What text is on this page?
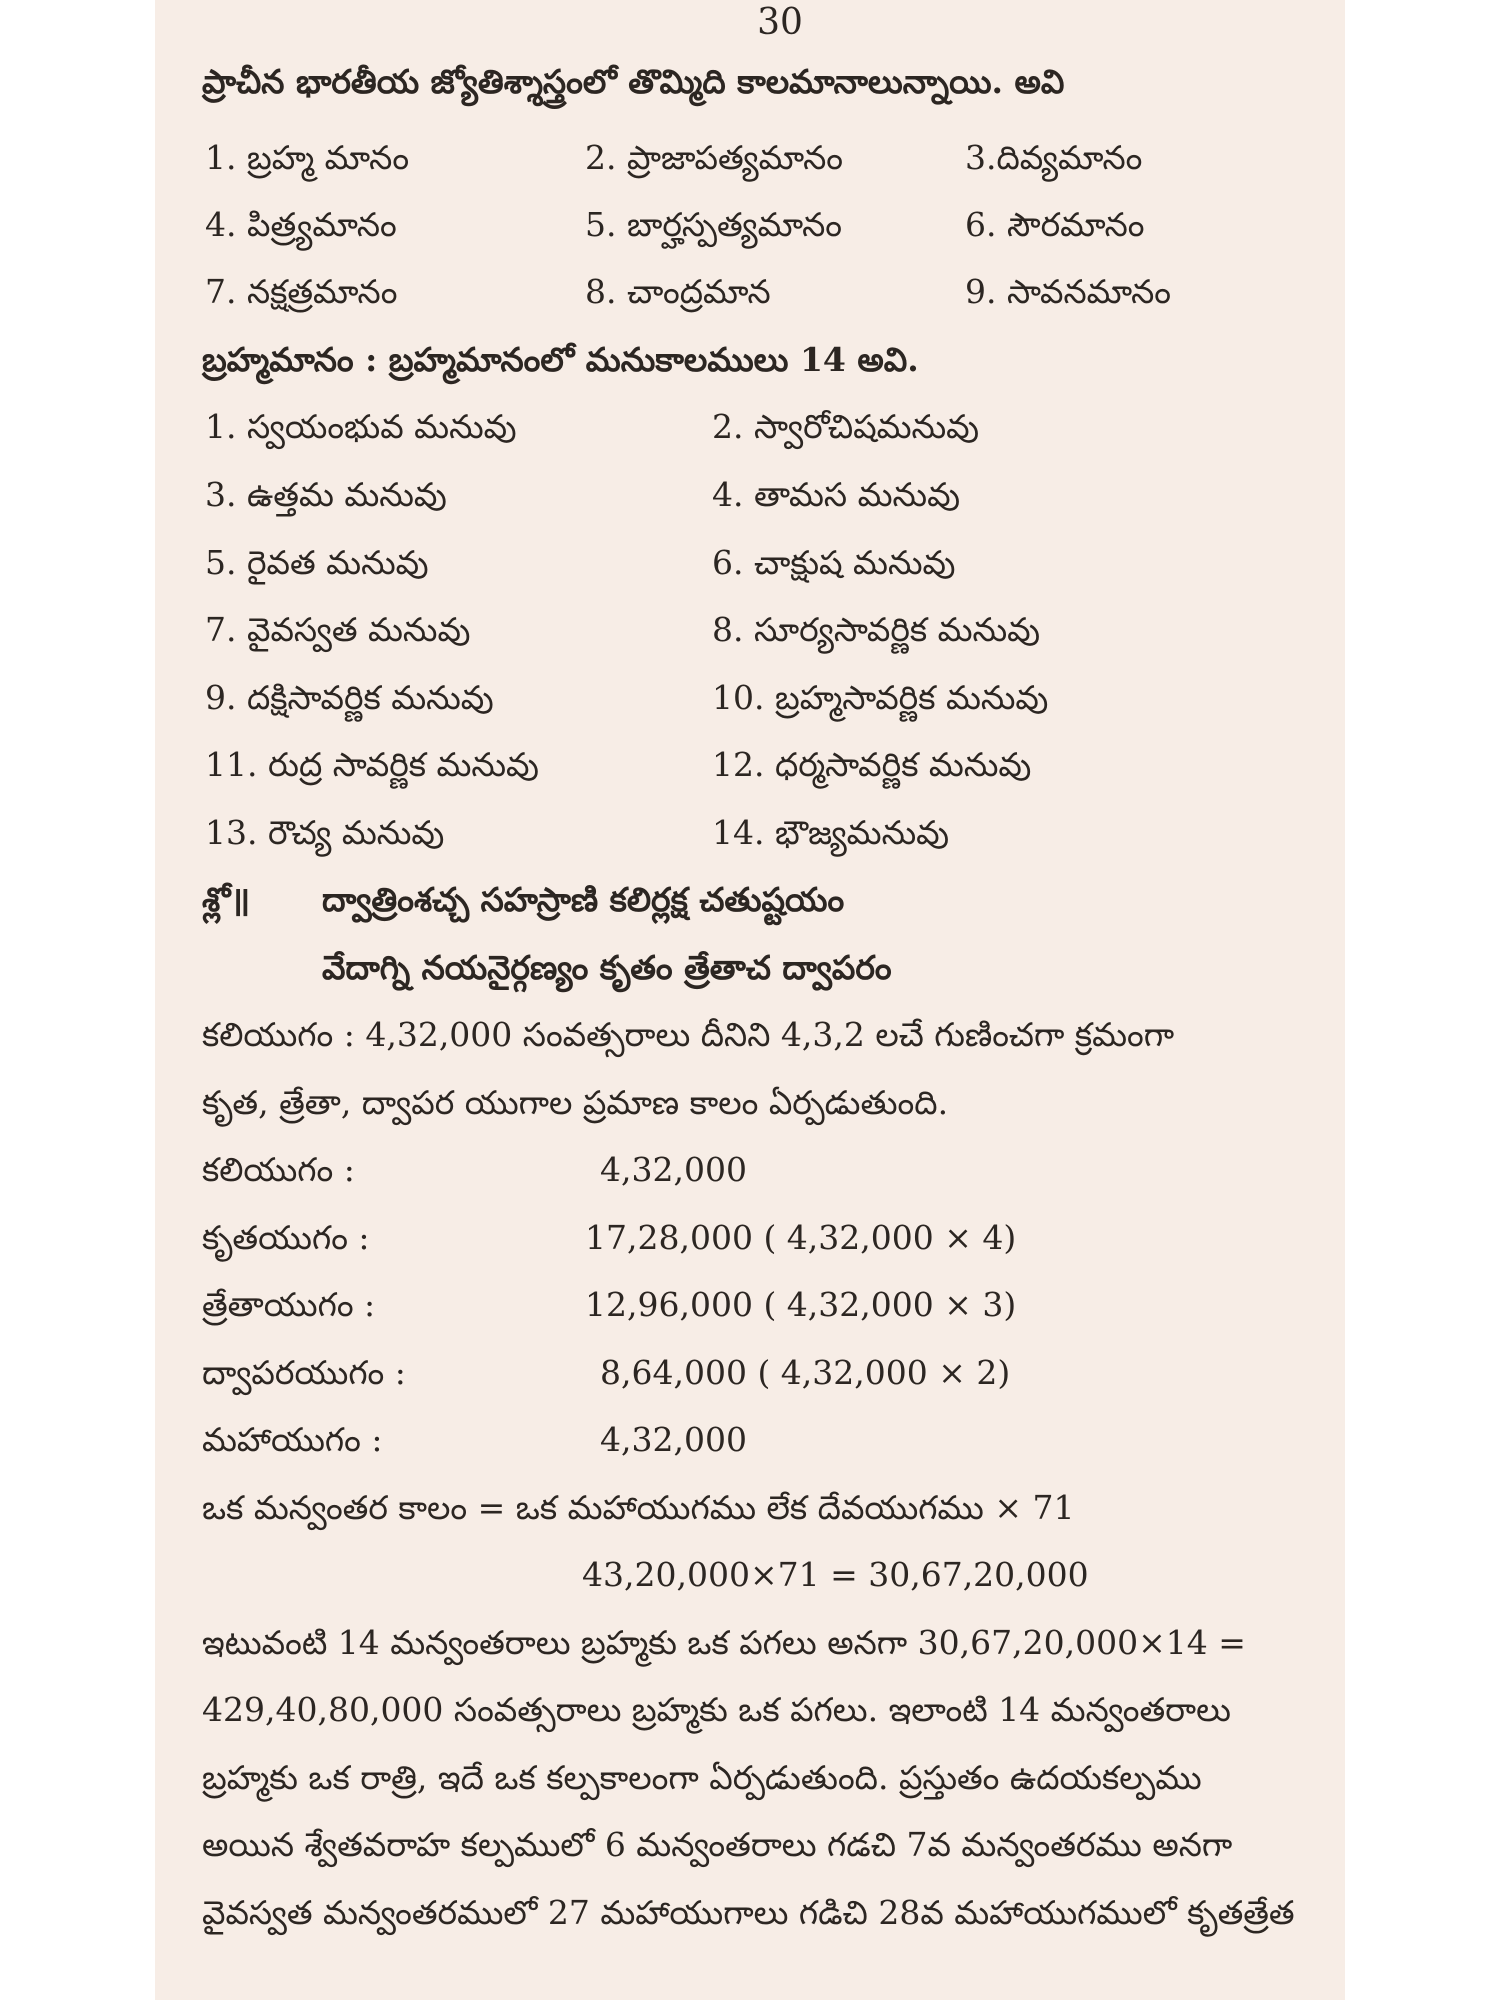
30
ప్రాచీన భారతీయ జ్యోతిశ్శాస్త్రంలో తొమ్మిది కాలమానాలున్నాయి. అవి
1. బ్రహ్మ మానం	2. ప్రాజాపత్యమానం	3.దివ్యమానం
4. పిత్ర్యమానం	5. బార్హస్పత్యమానం	6. సౌరమానం
7. నక్షత్రమానం	8. చాంద్రమాన	9. సావనమానం
బ్రహ్మమానం : బ్రహ్మమానంలో మనుకాలములు 14 అవి.
1. స్వయంభువ మనువు	2. స్వారోచిషమనువు
3. ఉత్తమ మనువు	4. తామస మనువు
5. రైవత మనువు	6. చాక్షుష మనువు
7. వైవస్వత మనువు	8. సూర్యసావర్ణిక మనువు
9. దక్షిసావర్ణిక మనువు	10. బ్రహ్మసావర్ణిక మనువు
11. రుద్ర సావర్ణిక మనువు	12. ధర్మసావర్ణిక మనువు
13. రౌచ్య మనువు	14. భౌజ్యమనువు
శ్లో॥ ద్వాత్రింశచ్చ సహస్రాణి కలిర్లక్ష చతుష్టయం
వేదాగ్ని నయనైర్గణ్యం కృతం త్రేతాచ ద్వాపరం
కలియుగం : 4,32,000 సంవత్సరాలు దీనిని 4,3,2 లచే గుణించగా క్రమంగా
కృత, త్రేతా, ద్వాపర యుగాల ప్రమాణ కాలం ఏర్పడుతుంది.
కలియుగం :	4,32,000
కృతయుగం :	17,28,000 ( 4,32,000 × 4)
త్రేతాయుగం :	12,96,000 ( 4,32,000 × 3)
ద్వాపరయుగం :	8,64,000 ( 4,32,000 × 2)
మహాయుగం :	4,32,000
ఒక మన్వంతర కాలం = ఒక మహాయుగము లేక దేవయుగము × 71
43,20,000×71 = 30,67,20,000
ఇటువంటి 14 మన్వంతరాలు బ్రహ్మకు ఒక పగలు అనగా 30,67,20,000×14 =
429,40,80,000 సంవత్సరాలు బ్రహ్మకు ఒక పగలు. ఇలాంటి 14 మన్వంతరాలు
బ్రహ్మకు ఒక రాత్రి, ఇదే ఒక కల్పకాలంగా ఏర్పడుతుంది. ప్రస్తుతం ఉదయకల్పము
అయిన శ్వేతవరాహ కల్పములో 6 మన్వంతరాలు గడచి 7వ మన్వంతరము అనగా
వైవస్వత మన్వంతరములో 27 మహాయుగాలు గడిచి 28వ మహాయుగములో కృతత్రేత
